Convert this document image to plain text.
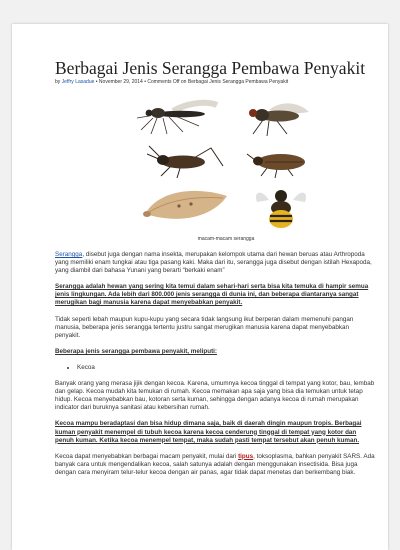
Berbagai Jenis Serangga Pembawa Penyakit
by Jeffry Lasadue • November 29, 2014 • Comments Off on Berbagai Jenis Serangga Pembawa Penyakit
macam-macam serangga

Serangga, disebut juga dengan nama insekta, merupakan kelompok utama dari hewan beruas atau Arthropoda yang memiliki enam tungkai atau tiga pasang kaki. Maka dari itu, serangga juga disebut dengan istilah Hexapoda, yang diambil dari bahasa Yunani yang berarti “berkaki enam”

Serangga adalah hewan yang sering kita temui dalam sehari-hari serta bisa kita temuka di hampir semua jenis lingkungan. Ada lebih dari 800.000 jenis serangga di dunia ini, dan beberapa diantaranya sangat merugikan bagi manusia karena dapat menyebabkan penyakit.

Tidak seperti lebah maupun kupu-kupu yang secara tidak langsung ikut berperan dalam memenuhi pangan manusia, beberapa jenis serangga tertentu justru sangat merugikan manusia karena dapat menyebabkan penyakit.

Beberapa jenis serangga pembawa penyakit, meliputi:

• Kecoa

Banyak orang yang merasa jijik dengan kecoa. Karena, umumnya kecoa tinggal di tempat yang kotor, bau, lembab dan gelap. Kecoa mudah kita temukan di rumah. Kecoa memakan apa saja yang bisa dia temukan untuk tetap hidup. Kecoa menyebabkan bau, kotoran serta kuman, sehingga dengan adanya kecoa di rumah merupakan indicator dari buruknya sanitasi atau kebersihan rumah.

Kecoa mampu beradaptasi dan bisa hidup dimana saja, baik di daerah dingin maupun tropis. Berbagai kuman penyakit menempel di tubuh kecoa karena kecoa cenderung tinggal di tempat yang kotor dan penuh kuman. Ketika kecoa menempel tempat, maka sudah pasti tempat tersebut akan penuh kuman.

Kecoa dapat menyebabkan berbagai macam penyakit, mulai dari tipus, toksoplasma, bahkan penyakit SARS. Ada banyak cara untuk mengendalikan kecoa, salah satunya adalah dengan menggunakan insectisida. Bisa juga dengan cara menyiram telur-telur kecoa dengan air panas, agar tidak dapat menetas dan berkembang biak.
